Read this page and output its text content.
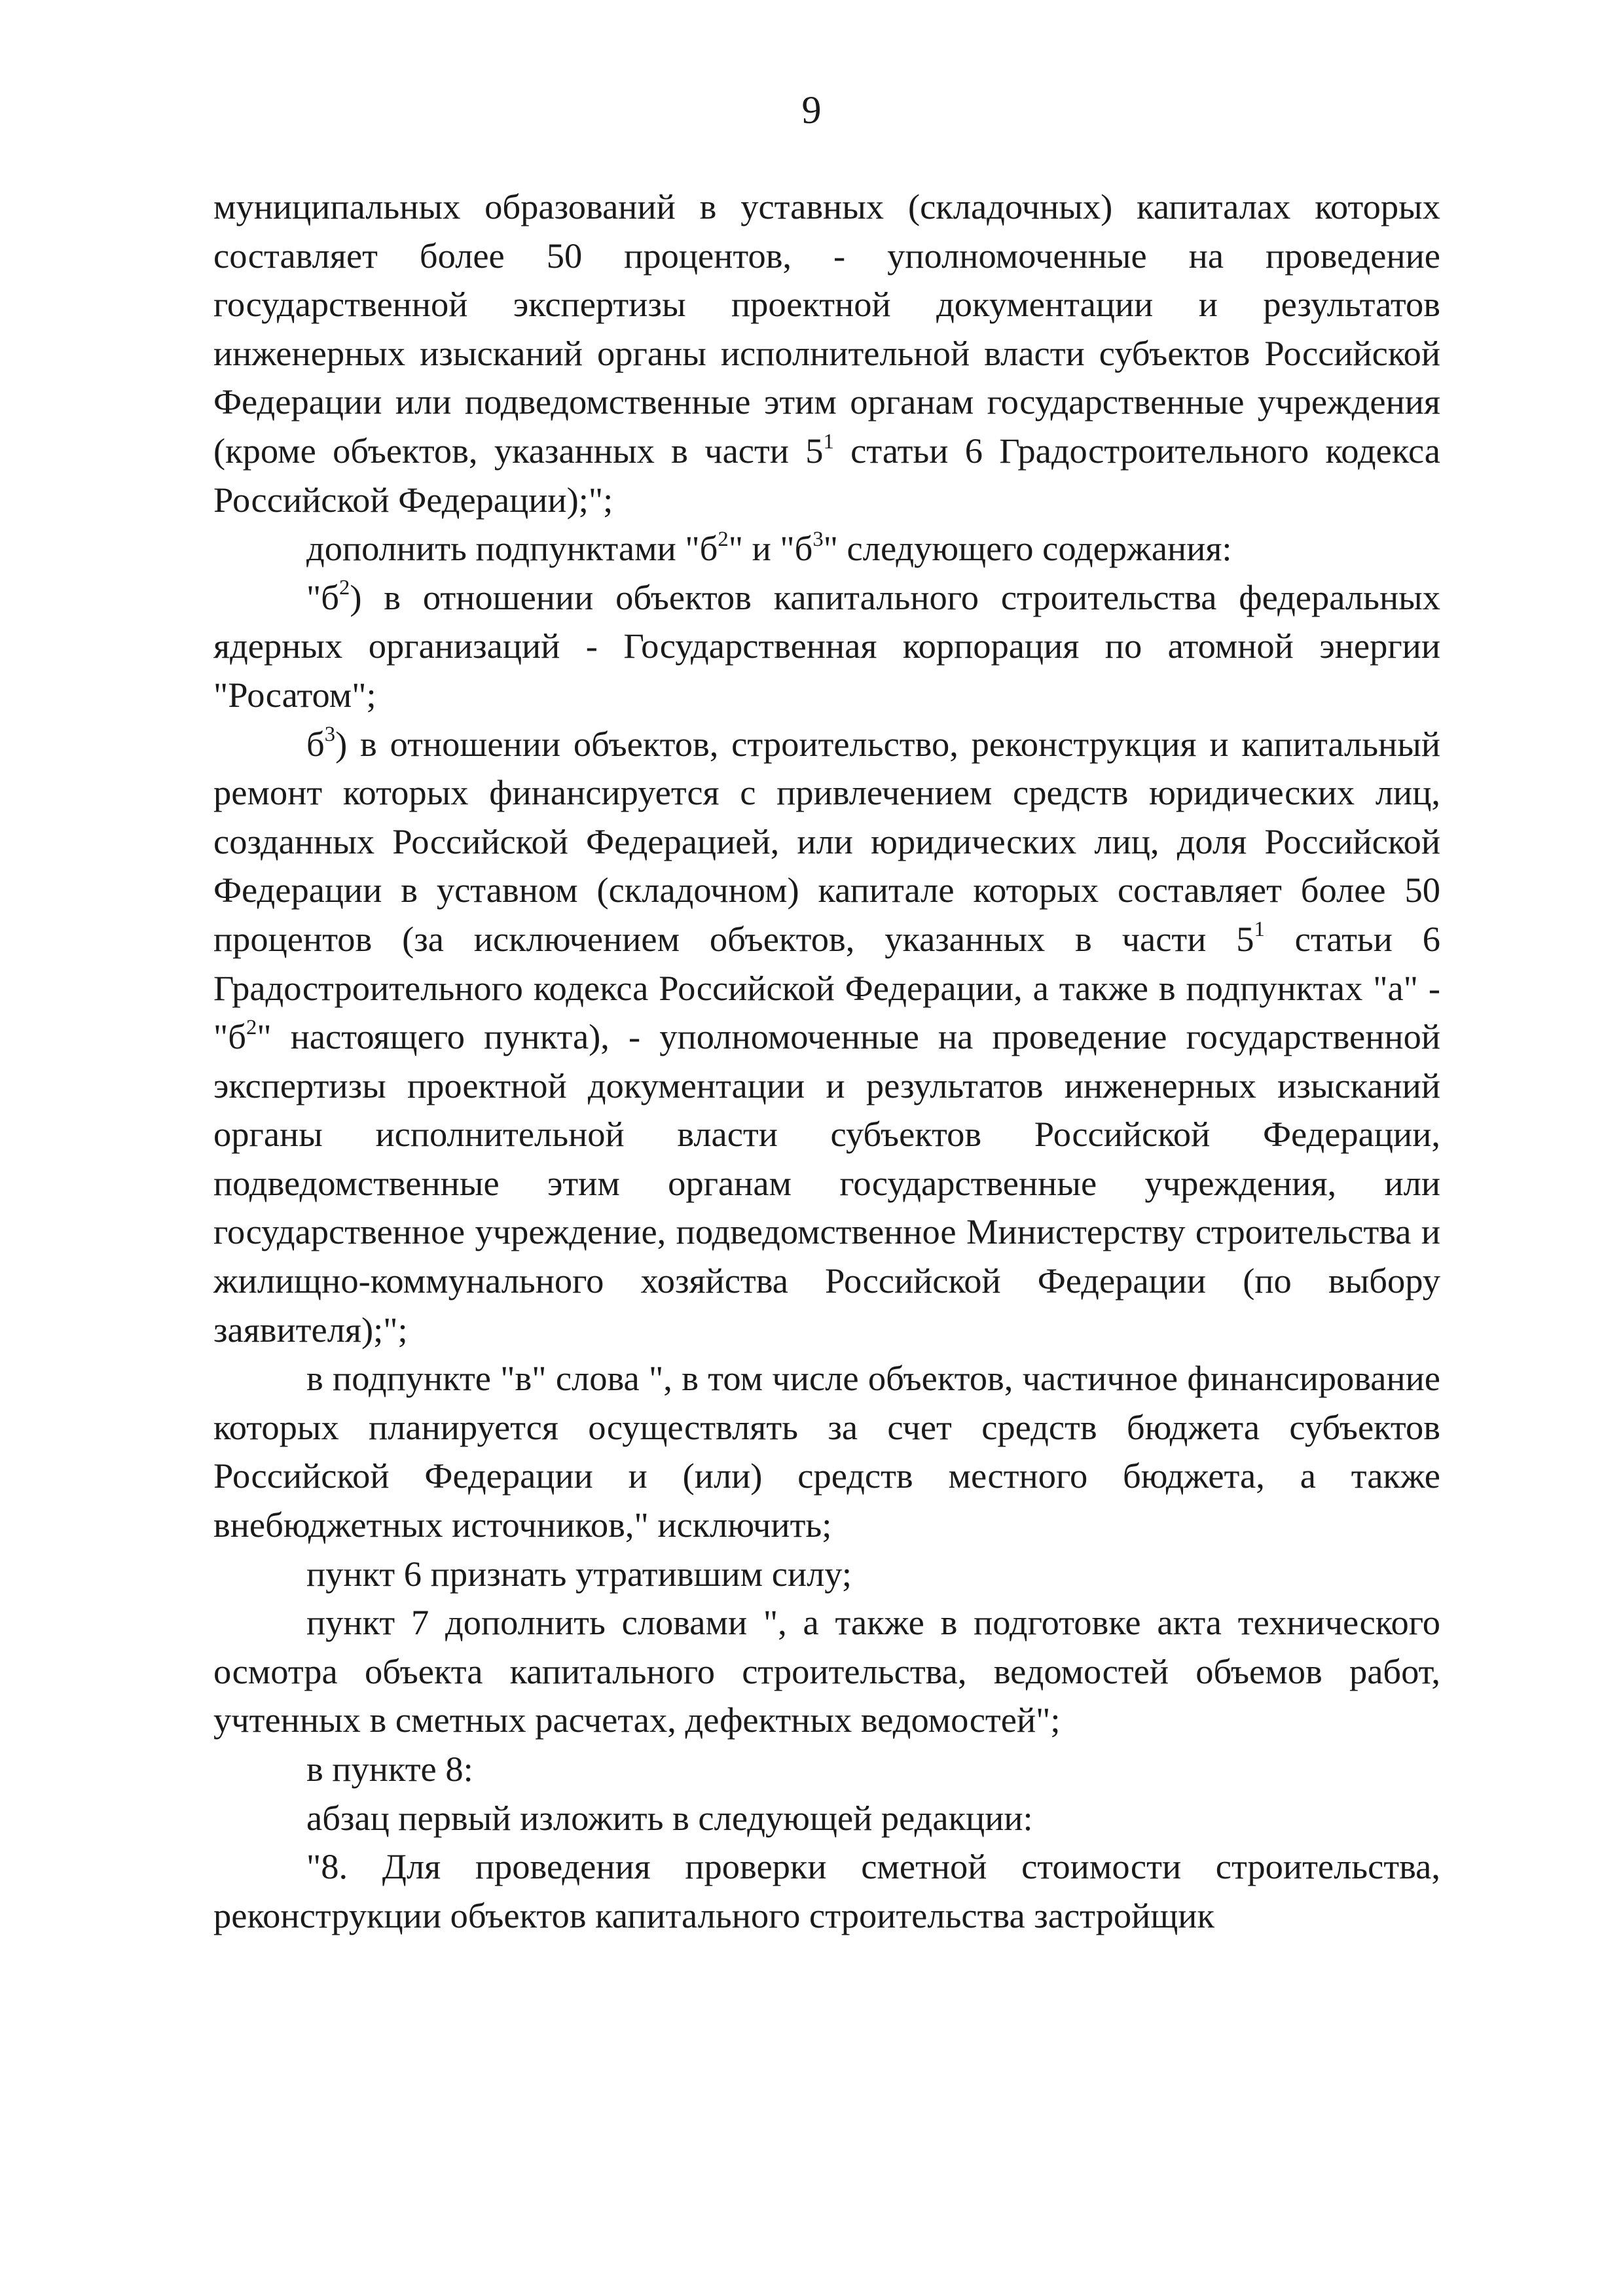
9

муниципальных образований в уставных (складочных) капиталах которых составляет более 50 процентов, - уполномоченные на проведение государственной экспертизы проектной документации и результатов инженерных изысканий органы исполнительной власти субъектов Российской Федерации или подведомственные этим органам государственные учреждения (кроме объектов, указанных в части $5^1$ статьи 6 Градостроительного кодекса Российской Федерации);";

дополнить подпунктами "$б^2$" и "$б^3$" следующего содержания:

"$б^2$) в отношении объектов капитального строительства федеральных ядерных организаций - Государственная корпорация по атомной энергии "Росатом";

$б^3$) в отношении объектов, строительство, реконструкция и капитальный ремонт которых финансируется с привлечением средств юридических лиц, созданных Российской Федерацией, или юридических лиц, доля Российской Федерации в уставном (складочном) капитале которых составляет более 50 процентов (за исключением объектов, указанных в части $5^1$ статьи 6 Градостроительного кодекса Российской Федерации, а также в подпунктах "а" - "$б^2$" настоящего пункта), - уполномоченные на проведение государственной экспертизы проектной документации и результатов инженерных изысканий органы исполнительной власти субъектов Российской Федерации, подведомственные этим органам государственные учреждения, или государственное учреждение, подведомственное Министерству строительства и жилищно-коммунального хозяйства Российской Федерации (по выбору заявителя);";

в подпункте "в" слова ", в том числе объектов, частичное финансирование которых планируется осуществлять за счет средств бюджета субъектов Российской Федерации и (или) средств местного бюджета, а также внебюджетных источников," исключить;

пункт 6 признать утратившим силу;

пункт 7 дополнить словами ", а также в подготовке акта технического осмотра объекта капитального строительства, ведомостей объемов работ, учтенных в сметных расчетах, дефектных ведомостей";

в пункте 8:

абзац первый изложить в следующей редакции:

"8. Для проведения проверки сметной стоимости строительства, реконструкции объектов капитального строительства застройщик
